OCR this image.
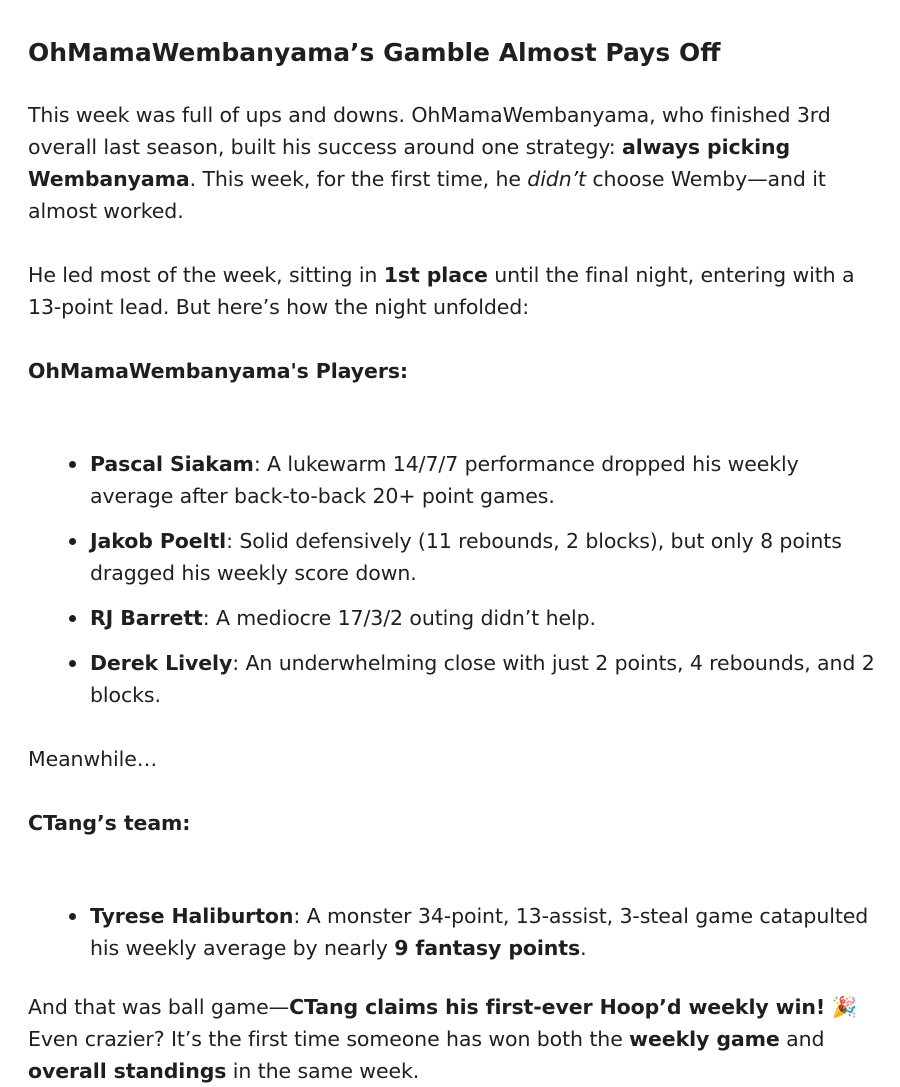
OhMamaWembanyama’s Gamble Almost Pays Off

This week was full of ups and downs. OhMamaWembanyama, who finished 3rd overall last season, built his success around one strategy: always picking Wembanyama. This week, for the first time, he didn’t choose Wemby—and it almost worked.

He led most of the week, sitting in 1st place until the final night, entering with a 13-point lead. But here’s how the night unfolded:

OhMamaWembanyama's Players:

Pascal Siakam: A lukewarm 14/7/7 performance dropped his weekly average after back-to-back 20+ point games.
Jakob Poeltl: Solid defensively (11 rebounds, 2 blocks), but only 8 points dragged his weekly score down.
RJ Barrett: A mediocre 17/3/2 outing didn’t help.
Derek Lively: An underwhelming close with just 2 points, 4 rebounds, and 2 blocks.

Meanwhile…

CTang’s team:

Tyrese Haliburton: A monster 34-point, 13-assist, 3-steal game catapulted his weekly average by nearly 9 fantasy points.

And that was ball game—CTang claims his first-ever Hoop’d weekly win! 🎉 Even crazier? It’s the first time someone has won both the weekly game and overall standings in the same week.
